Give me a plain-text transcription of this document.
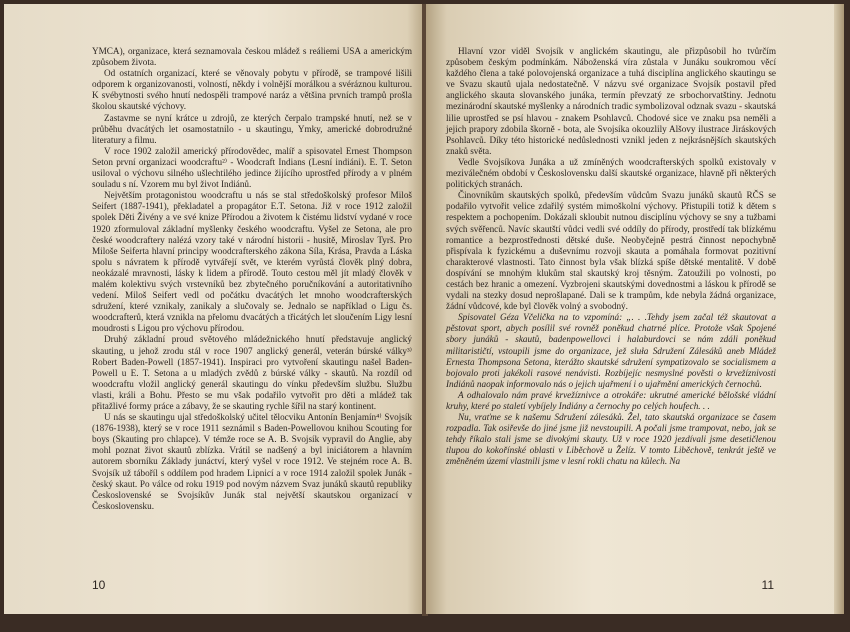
YMCA), organizace, která seznamovala českou mládež s reáliemi USA a americkým způsobem života.

Od ostatních organizací, které se věnovaly pobytu v přírodě, se trampové lišili odporem k organizovanosti, volností, někdy i volnější morálkou a svéráznou kulturou. K svébytnosti svého hnutí nedospěli trampové naráz a většina prvních trampů prošla školou skautské výchovy.

Zastavme se nyní krátce u zdrojů, ze kterých čerpalo trampské hnutí, než se v průběhu dvacátých let osamostatnilo - u skautingu, Ymky, americké dobrodružné literatury a filmu.

V roce 1902 založil americký přírodovědec, malíř a spisovatel Ernest Thompson Seton první organizaci woodcraftu²⁾ - Woodcraft Indians (Lesní indiáni). E. T. Seton usiloval o výchovu silného ušlechtilého jedince žijícího uprostřed přírody a v plném souladu s ní. Vzorem mu byl život Indiánů.

Největším protagonistou woodcraftu u nás se stal středoškolský profesor Miloš Seifert (1887-1941), překladatel a propagátor E.T. Setona. Již v roce 1912 založil spolek Děti Živény a ve své knize Přírodou a životem k čistému lidství vydané v roce 1920 zformuloval základní myšlenky českého woodcraftu. Vyšel ze Setona, ale pro české woodcraftery nalézá vzory také v národní historii - husitě, Miroslav Tyrš. Pro Miloše Seiferta hlavní principy woodcrafterského zákona Síla, Krása, Pravda a Láska spolu s návratem k přírodě vytvářejí svět, ve kterém vyrůstá člověk plný dobra, neokázalé mravnosti, lásky k lidem a přírodě. Touto cestou měl jít mladý člověk v malém kolektivu svých vrstevníků bez zbytečného poručníkování a autoritativního vedení. Miloš Seifert vedl od počátku dvacátých let mnoho woodcrafterských sdružení, které vznikaly, zanikaly a slučovaly se. Jednalo se například o Ligu čs. woodcrafterů, která vznikla na přelomu dvacátých a třicátých let sloučením Ligy lesní moudrosti s Ligou pro výchovu přírodou.

Druhý základní proud světového mládežnického hnutí představuje anglický skauting, u jehož zrodu stál v roce 1907 anglický generál, veterán búrské války³⁾ Robert Baden-Powell (1857-1941). Inspiraci pro vytvoření skautingu našel Baden-Powell u E. T. Setona a u mladých zvědů z búrské války - skautů. Na rozdíl od woodcraftu vložil anglický generál skautingu do vínku především službu. Službu vlasti, králi a Bohu. Přesto se mu však podařilo vytvořit pro děti a mládež tak přitažlivé formy práce a zábavy, že se skauting rychle šířil na starý kontinent.

U nás se skautingu ujal středoškolský učitel tělocviku Antonín Benjamín⁴⁾ Svojsík (1876-1938), který se v roce 1911 seznámil s Baden-Powellovou knihou Scouting for boys (Skauting pro chlapce). V témže roce se A. B. Svojsík vypravil do Anglie, aby mohl poznat život skautů zblízka. Vrátil se nadšený a byl iniciátorem a hlavním autorem sborníku Základy junáctví, který vyšel v roce 1912. Ve stejném roce A. B. Svojsík už táboříl s oddílem pod hradem Lipnicí a v roce 1914 založil spolek Junák - český skaut. Po válce od roku 1919 pod novým názvem Svaz junáků skautů republiky Československé se Svojsíkův Junák stal největší skautskou organizací v Československu.

10

Hlavní vzor viděl Svojsík v anglickém skautingu, ale přizpůsobil ho tvůrčím způsobem českým podmínkám. Náboženská víra zůstala v Junáku soukromou věcí každého člena a také polovojenská organizace a tuhá disciplína anglického skautingu se ve Svazu skautů ujala nedostatečně. V názvu své organizace Svojsík postavil před anglického skauta slovanského junáka, termín převzatý ze srbochorvatštiny. Jednotu mezinárodní skautské myšlenky a národních tradic symbolizoval odznak svazu - skautská lilie uprostřed se psí hlavou - znakem Psohlavců. Chodové sice ve znaku psa neměli a jejich prapory zdobila škorně - bota, ale Svojsíka okouzlily Alšovy ilustrace Jiráskových Psohlavců. Díky této historické nedůslednosti vznikl jeden z nejkrásnějších skautských znaků světa.

Vedle Svojsíkova Junáka a už zmíněných woodcrafterských spolků existovaly v meziválečném období v Československu další skautské organizace, hlavně při některých politických stranách.

Činovníkům skautských spolků, především vůdcům Svazu junáků skautů RČS se podařilo vytvořit velice zdařilý systém mimoškolní výchovy. Přistupili totiž k dětem s respektem a pochopením. Dokázali skloubit nutnou disciplínu výchovy se sny a tužbami svých svěřenců. Navíc skautští vůdci vedli své oddíly do přírody, prostředí tak blízkému romantice a bezprostřednosti dětské duše. Neobyčejně pestrá činnost nepochybně přispívala k fyzickému a duševnímu rozvoji skauta a pomáhala formovat pozitivní charakterové vlastnosti. Tato činnost byla však blízká spíše dětské mentalitě. V době dospívání se mnohým klukům stal skautský kroj těsným. Zatoužili po volnosti, po cestách bez hranic a omezení. Vyzbrojeni skautskými dovednostmi a láskou k přírodě se vydali na stezky dosud neprošlapané. Dali se k trampům, kde nebyla žádná organizace, žádní vůdcové, kde byl člověk volný a svobodný.

Spisovatel Géza Včelička na to vzpomíná: „. . .Tehdy jsem začal též skautovat a pěstovat sport, abych posílil své rovněž poněkud chatrné plíce. Protože však Spojené sbory junáků - skautů, badenpowellovci i halaburdovci se nám zdáli poněkud militarističtí, vstoupili jsme do organizace, jež sluła Sdružení Zálesáků aneb Mládež Ernesta Thompsona Setona, kterážto skautské sdružení sympatizovalo se socialismem a bojovalo proti jakékoli rasové nenávisti. Rozbíjejíc nesmyslné pověsti o krvežíznivosti Indiánů naopak informovalo nás o jejich ujařmení i o ujařmění amerických černochů.

A odhalovalo nám pravé krvežíznivce a otrokáře: ukrutné americké bělošské vládní kruhy, které po staletí vybíjely Indiány a černochy po celých houfech. . .

Nu, vraťme se k našemu Sdružení zálesáků. Žel, tato skautská organizace se časem rozpadla. Tak osiřevše do jiné jsme již nevstoupili. A počali jsme trampovat, nebo, jak se tehdy říkalo stali jsme se divokými skauty. Už v roce 1920 jezdívali jsme desetičlenou tlupou do kokořínské oblasti v Liběchově u Želíz. V tomto Liběchově, tenkrát ještě ve změněném území vlastnili jsme v lesní rokli chatu na kůlech. Na

11
